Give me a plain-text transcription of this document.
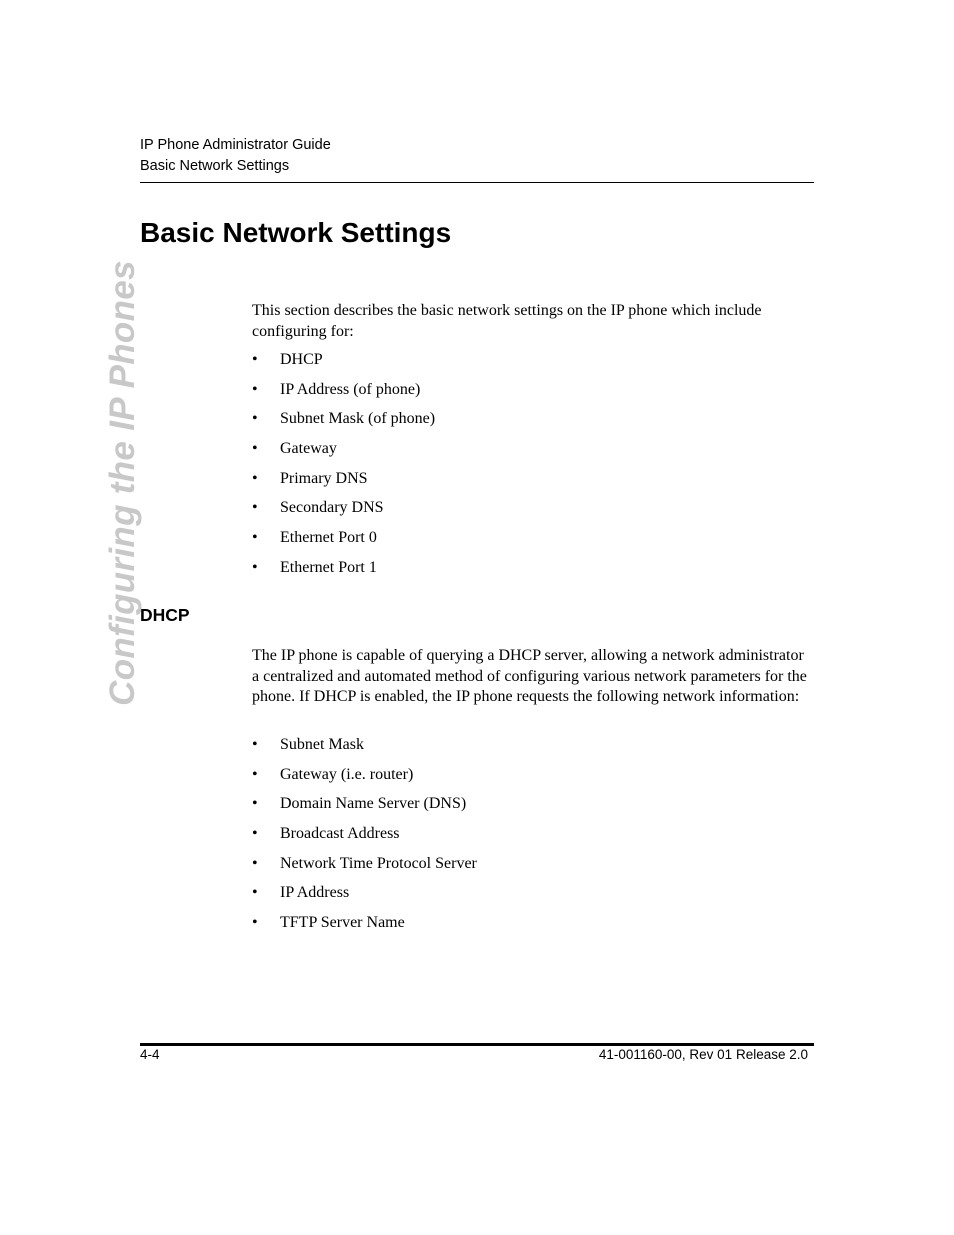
IP Phone Administrator Guide
Basic Network Settings
Configuring the IP Phones
Basic Network Settings
This section describes the basic network settings on the IP phone which include configuring for:
• DHCP
• IP Address (of phone)
• Subnet Mask (of phone)
• Gateway
• Primary DNS
• Secondary DNS
• Ethernet Port 0
• Ethernet Port 1
DHCP
The IP phone is capable of querying a DHCP server, allowing a network administrator a centralized and automated method of configuring various network parameters for the phone. If DHCP is enabled, the IP phone requests the following network information:
• Subnet Mask
• Gateway (i.e. router)
• Domain Name Server (DNS)
• Broadcast Address
• Network Time Protocol Server
• IP Address
• TFTP Server Name
4-4	41-001160-00, Rev 01 Release 2.0
